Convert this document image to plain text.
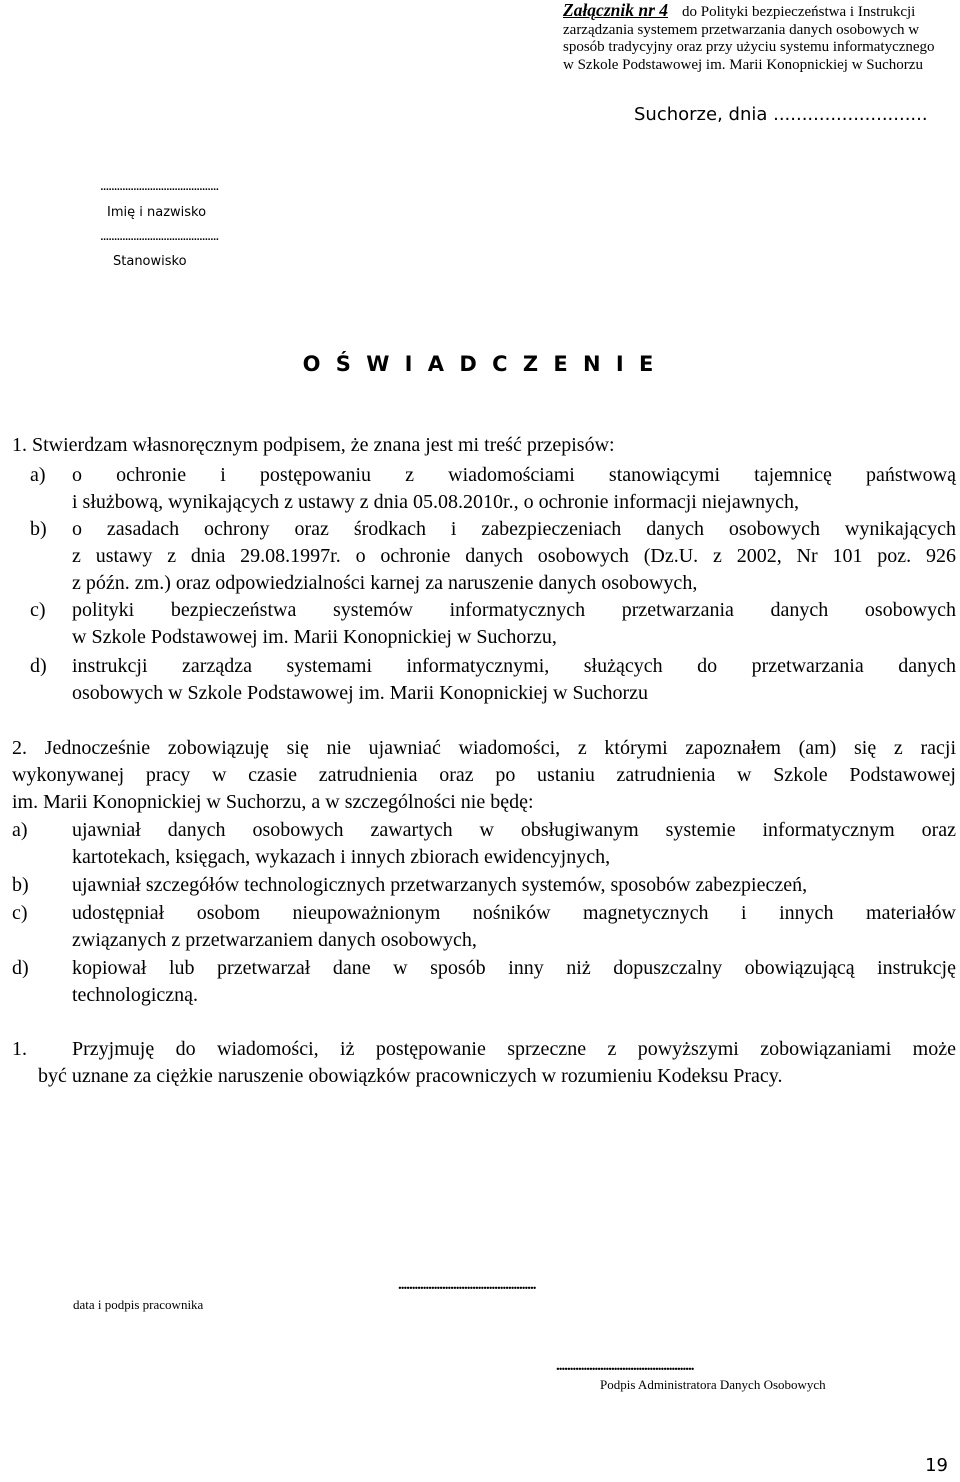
Załącznik nr 4 do Polityki bezpieczeństwa i Instrukcji
zarządzania systemem przetwarzania danych osobowych w
sposób tradycyjny oraz przy użyciu systemu informatycznego
w Szkole Podstawowej im. Marii Konopnickiej w Suchorzu
Suchorze, dnia ...........................
...........................................
Imię i nazwisko
...........................................
Stanowisko
O Ś W I A D C Z E N I E
1. Stwierdzam własnoręcznym podpisem, że znana jest mi treść przepisów:
a) o ochronie i postępowaniu z wiadomościami stanowiącymi tajemnicę państwową
i służbową, wynikających z ustawy z dnia 05.08.2010r., o ochronie informacji niejawnych,
b) o zasadach ochrony oraz środkach i zabezpieczeniach danych osobowych wynikających
z ustawy z dnia 29.08.1997r. o ochronie danych osobowych (Dz.U. z 2002, Nr 101 poz. 926
z późn. zm.) oraz odpowiedzialności karnej za naruszenie danych osobowych,
c) polityki bezpieczeństwa systemów informatycznych przetwarzania danych osobowych
w Szkole Podstawowej im. Marii Konopnickiej w Suchorzu,
d) instrukcji zarządza systemami informatycznymi, służących do przetwarzania danych
osobowych w Szkole Podstawowej im. Marii Konopnickiej w Suchorzu
2. Jednocześnie zobowiązuję się nie ujawniać wiadomości, z którymi zapoznałem (am) się z racji
wykonywanej pracy w czasie zatrudnienia oraz po ustaniu zatrudnienia w Szkole Podstawowej
im. Marii Konopnickiej w Suchorzu, a w szczególności nie będę:
a) ujawniał danych osobowych zawartych w obsługiwanym systemie informatycznym oraz
kartotekach, księgach, wykazach i innych zbiorach ewidencyjnych,
b) ujawniał szczegółów technologicznych przetwarzanych systemów, sposobów zabezpieczeń,
c) udostępniał osobom nieupoważnionym nośników magnetycznych i innych materiałów
związanych z przetwarzaniem danych osobowych,
d) kopiował lub przetwarzał dane w sposób inny niż dopuszczalny obowiązującą instrukcję
technologiczną.
1. Przyjmuję do wiadomości, iż postępowanie sprzeczne z powyższymi zobowiązaniami może
być uznane za ciężkie naruszenie obowiązków pracowniczych w rozumieniu Kodeksu Pracy.
..................................................
data i podpis pracownika
..................................................
Podpis Administratora Danych Osobowych
19
